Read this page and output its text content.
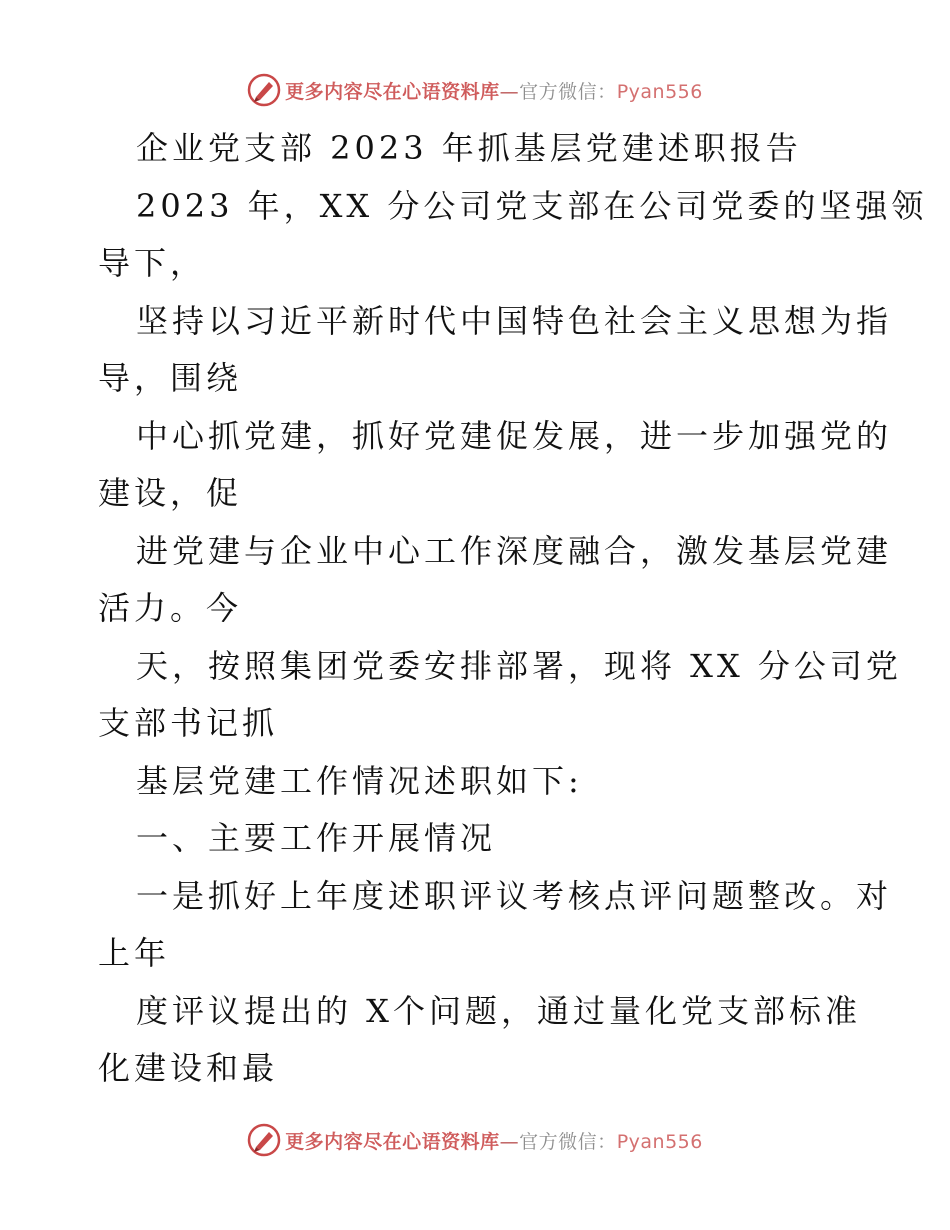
更多内容尽在心语资料库—官方微信：Pyan556
企业党支部 2023 年抓基层党建述职报告
2023 年，XX 分公司党支部在公司党委的坚强领
导下，
坚持以习近平新时代中国特色社会主义思想为指
导，围绕
中心抓党建，抓好党建促发展，进一步加强党的
建设，促
进党建与企业中心工作深度融合，激发基层党建
活力。今
天，按照集团党委安排部署，现将 XX 分公司党
支部书记抓
基层党建工作情况述职如下:
一、主要工作开展情况
一是抓好上年度述职评议考核点评问题整改。对
上年
度评议提出的 X个问题，通过量化党支部标准
化建设和最
更多内容尽在心语资料库—官方微信：Pyan556
